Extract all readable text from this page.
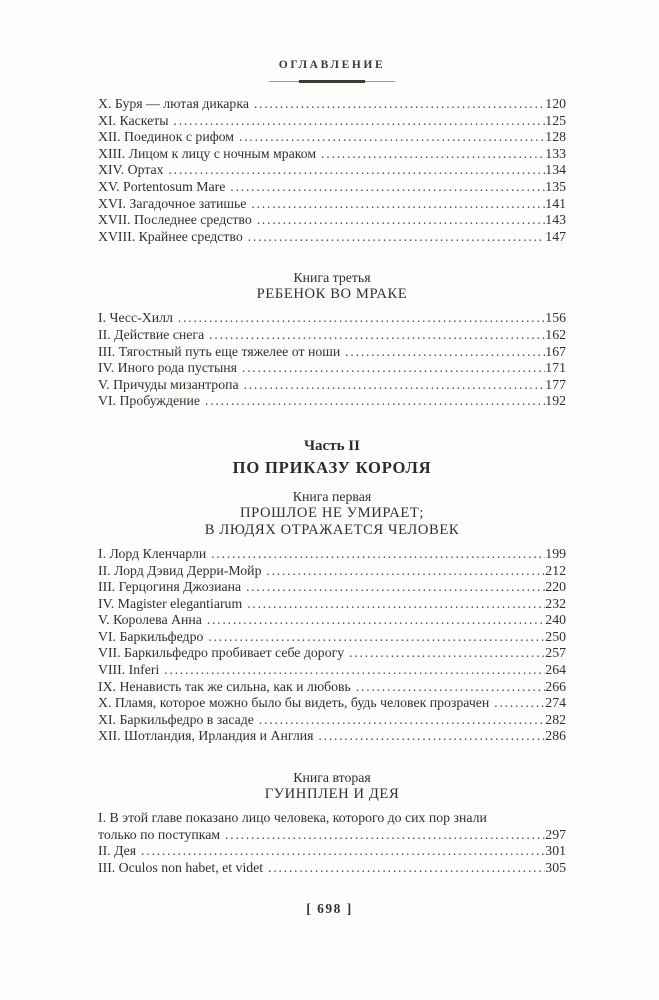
ОГЛАВЛЕНИЕ
X. Буря — лютая дикарка .....	120
XI. Каскеты .....	125
XII. Поединок с рифом .....	128
XIII. Лицом к лицу с ночным мраком .....	133
XIV. Ортах .....	134
XV. Portentosum Mare .....	135
XVI. Загадочное затишье .....	141
XVII. Последнее средство .....	143
XVIII. Крайнее средство .....	147
Книга третья
РЕБЕНОК ВО МРАКЕ
I. Чесс-Хилл .....	156
II. Действие снега .....	162
III. Тягостный путь еще тяжелее от ноши .....	167
IV. Иного рода пустыня .....	171
V. Причуды мизантропа .....	177
VI. Пробуждение .....	192
Часть II
ПО ПРИКАЗУ КОРОЛЯ
Книга первая
ПРОШЛОЕ НЕ УМИРАЕТ;
В ЛЮДЯХ ОТРАЖАЕТСЯ ЧЕЛОВЕК
I. Лорд Кленчарли .....	199
II. Лорд Дэвид Дерри-Мойр .....	212
III. Герцогиня Джозиана .....	220
IV. Magister elegantiarum .....	232
V. Королева Анна .....	240
VI. Баркильфедро .....	250
VII. Баркильфедро пробивает себе дорогу .....	257
VIII. Inferi .....	264
IX. Ненависть так же сильна, как и любовь .....	266
X. Пламя, которое можно было бы видеть, будь человек прозрачен .....	274
XI. Баркильфедро в засаде .....	282
XII. Шотландия, Ирландия и Англия .....	286
Книга вторая
ГУИНПЛЕН И ДЕЯ
I. В этой главе показано лицо человека, которого до сих пор знали
только по поступкам .....	297
II. Дея .....	301
III. Oculos non habet, et videt .....	305
[ 698 ]
